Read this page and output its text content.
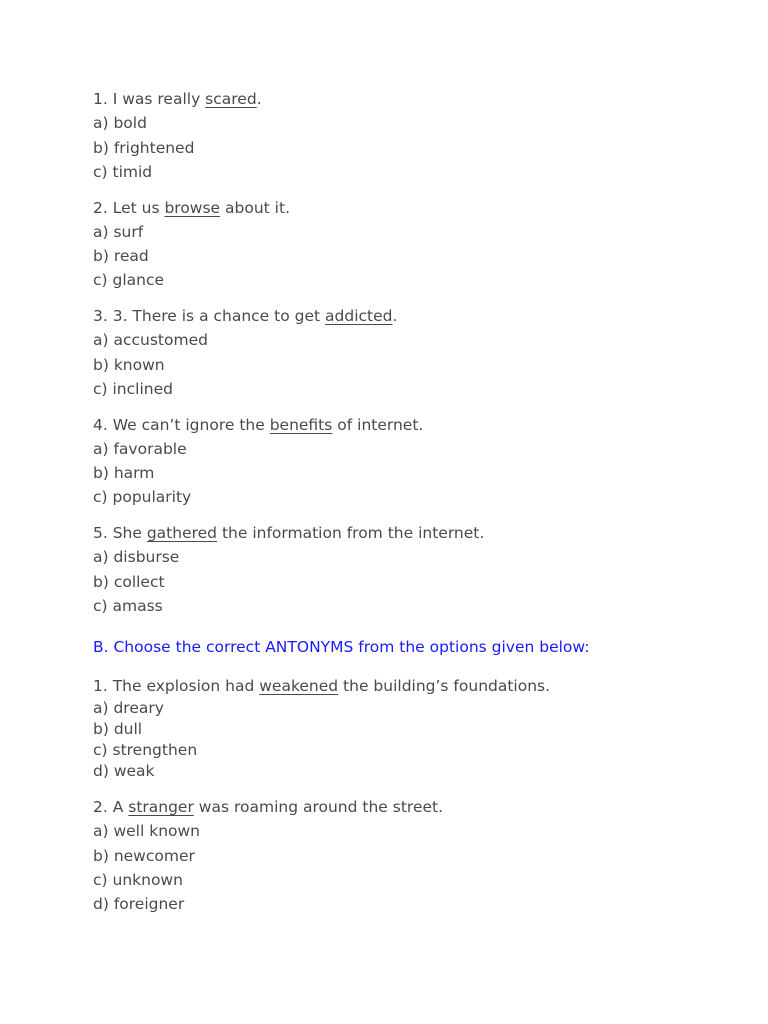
1. I was really scared.
a) bold
b) frightened
c) timid
2. Let us browse about it.
a) surf
b) read
c) glance
3. 3. There is a chance to get addicted.
a) accustomed
b) known
c) inclined
4. We can’t ignore the benefits of internet.
a) favorable
b) harm
c) popularity
5. She gathered the information from the internet.
a) disburse
b) collect
c) amass
B. Choose the correct ANTONYMS from the options given below:
1. The explosion had weakened the building’s foundations.
a) dreary
b) dull
c) strengthen
d) weak
2. A stranger was roaming around the street.
a) well known
b) newcomer
c) unknown
d) foreigner
